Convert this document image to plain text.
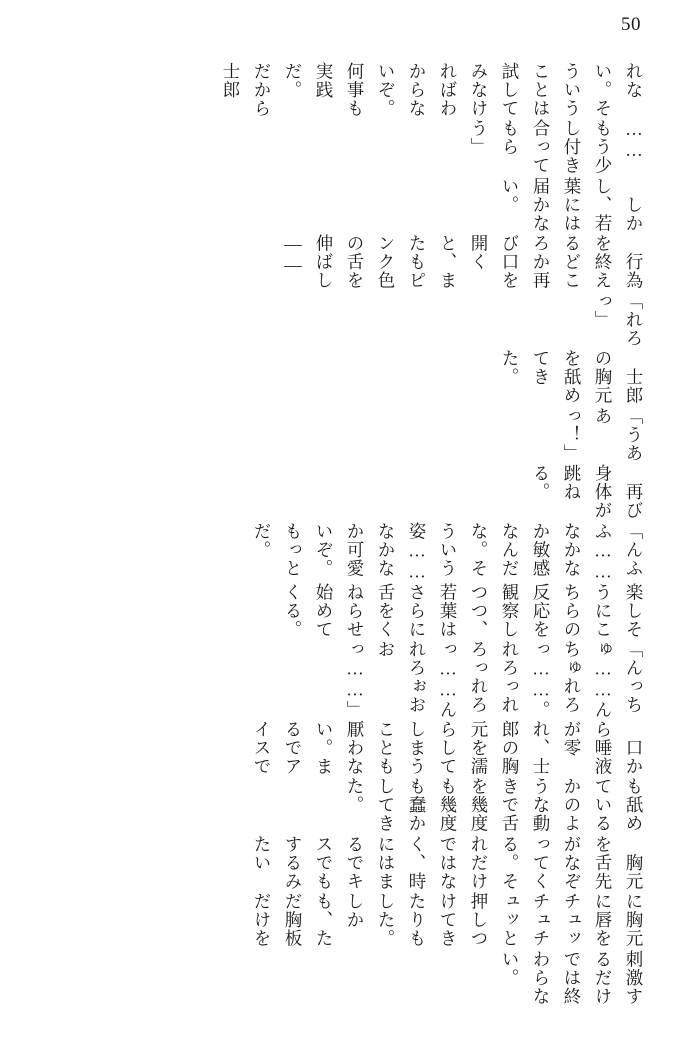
50
れない。そういうことは試してみなければわからないぞ。　何事も実践だ。　だから士郎
……もう少し付き合ってもらう」
　しかし、若葉には届かない。
　行為を終えるどころか再び口を開くと、またもピンク色の舌を伸ばし——
「れろっ」
　士郎の胸元を舐めてきた。
「うああっ！」
　再び身体が跳ねる。
「んふふ……なかなか敏感なんだな。そういう姿……なかなか可愛いぞ。もっとだ。
楽しそうにこちらの反応を観察しつつ、若葉はさらに舌をくねらせ始めてくる。
「んっちゅ……んちゅれろっ……。れろっれろっれろっ……んれろぉおおっ……」
　口から唾液が零れ、士郎の胸元を濡らしてしまうことも厭わない。まるでアイスで
も舐めているかのような動きで舌を幾度も幾度も蠢かしてきた。
　胸元を舌先がなぞってくる。それだけではなく、時にはまるでキスでもするみたい
に胸元に唇をチュッチュチュッと押しつけてきたりもした。しかも、ただ胸板だけを
刺激するだけでは終わらない。
